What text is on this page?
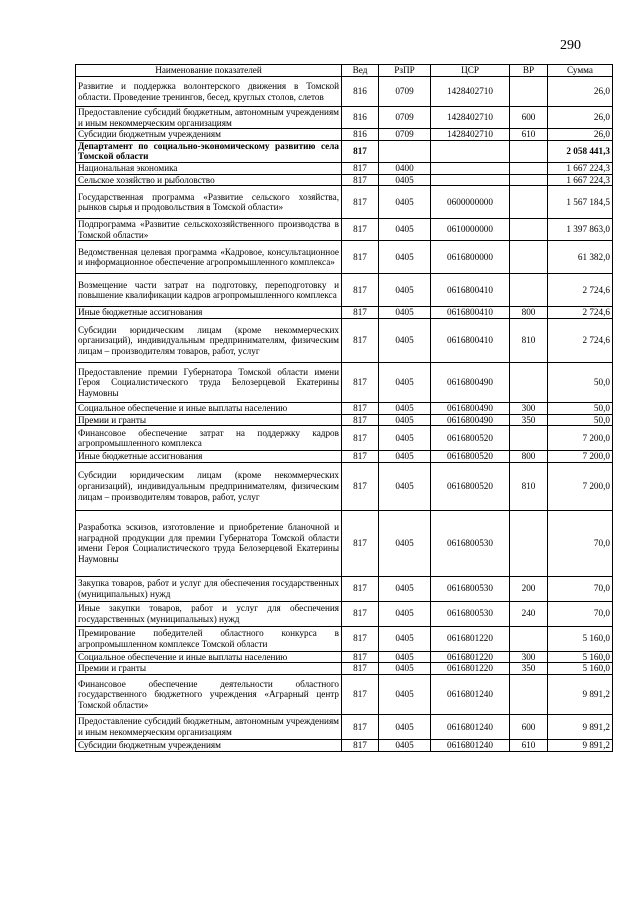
290
Наименование показателей	Вед	РзПР	ЦСР	ВР	Сумма
Развитие и поддержка волонтерского движения в Томской области. Проведение тренингов, бесед, круглых столов, слетов	816	0709	1428402710		26,0
Предоставление субсидий бюджетным, автономным учреждениям и иным некоммерческим организациям	816	0709	1428402710	600	26,0
Субсидии бюджетным учреждениям	816	0709	1428402710	610	26,0
Департамент по социально-экономическому развитию села Томской области	817				2 058 441,3
Национальная экономика	817	0400			1 667 224,3
Сельское хозяйство и рыболовство	817	0405			1 667 224,3
Государственная программа «Развитие сельского хозяйства, рынков сырья и продовольствия в Томской области»	817	0405	0600000000		1 567 184,5
Подпрограмма «Развитие сельскохозяйственного производства в Томской области»	817	0405	0610000000		1 397 863,0
Ведомственная целевая программа «Кадровое, консультационное и информационное обеспечение агропромышленного комплекса»	817	0405	0616800000		61 382,0
Возмещение части затрат на подготовку, переподготовку и повышение квалификации кадров агропромышленного комплекса	817	0405	0616800410		2 724,6
Иные бюджетные ассигнования	817	0405	0616800410	800	2 724,6
Субсидии юридическим лицам (кроме некоммерческих организаций), индивидуальным предпринимателям, физическим лицам – производителям товаров, работ, услуг	817	0405	0616800410	810	2 724,6
Предоставление премии Губернатора Томской области имени Героя Социалистического труда Белозерцевой Екатерины Наумовны	817	0405	0616800490		50,0
Социальное обеспечение и иные выплаты населению	817	0405	0616800490	300	50,0
Премии и гранты	817	0405	0616800490	350	50,0
Финансовое обеспечение затрат на поддержку кадров агропромышленного комплекса	817	0405	0616800520		7 200,0
Иные бюджетные ассигнования	817	0405	0616800520	800	7 200,0
Субсидии юридическим лицам (кроме некоммерческих организаций), индивидуальным предпринимателям, физическим лицам – производителям товаров, работ, услуг	817	0405	0616800520	810	7 200,0
Разработка эскизов, изготовление и приобретение бланочной и наградной продукции для премии Губернатора Томской области имени Героя Социалистического труда Белозерцевой Екатерины Наумовны	817	0405	0616800530		70,0
Закупка товаров, работ и услуг для обеспечения государственных (муниципальных) нужд	817	0405	0616800530	200	70,0
Иные закупки товаров, работ и услуг для обеспечения государственных (муниципальных) нужд	817	0405	0616800530	240	70,0
Премирование победителей областного конкурса в агропромышленном комплексе Томской области	817	0405	0616801220		5 160,0
Социальное обеспечение и иные выплаты населению	817	0405	0616801220	300	5 160,0
Премии и гранты	817	0405	0616801220	350	5 160,0
Финансовое обеспечение деятельности областного государственного бюджетного учреждения «Аграрный центр Томской области»	817	0405	0616801240		9 891,2
Предоставление субсидий бюджетным, автономным учреждениям и иным некоммерческим организациям	817	0405	0616801240	600	9 891,2
Субсидии бюджетным учреждениям	817	0405	0616801240	610	9 891,2
